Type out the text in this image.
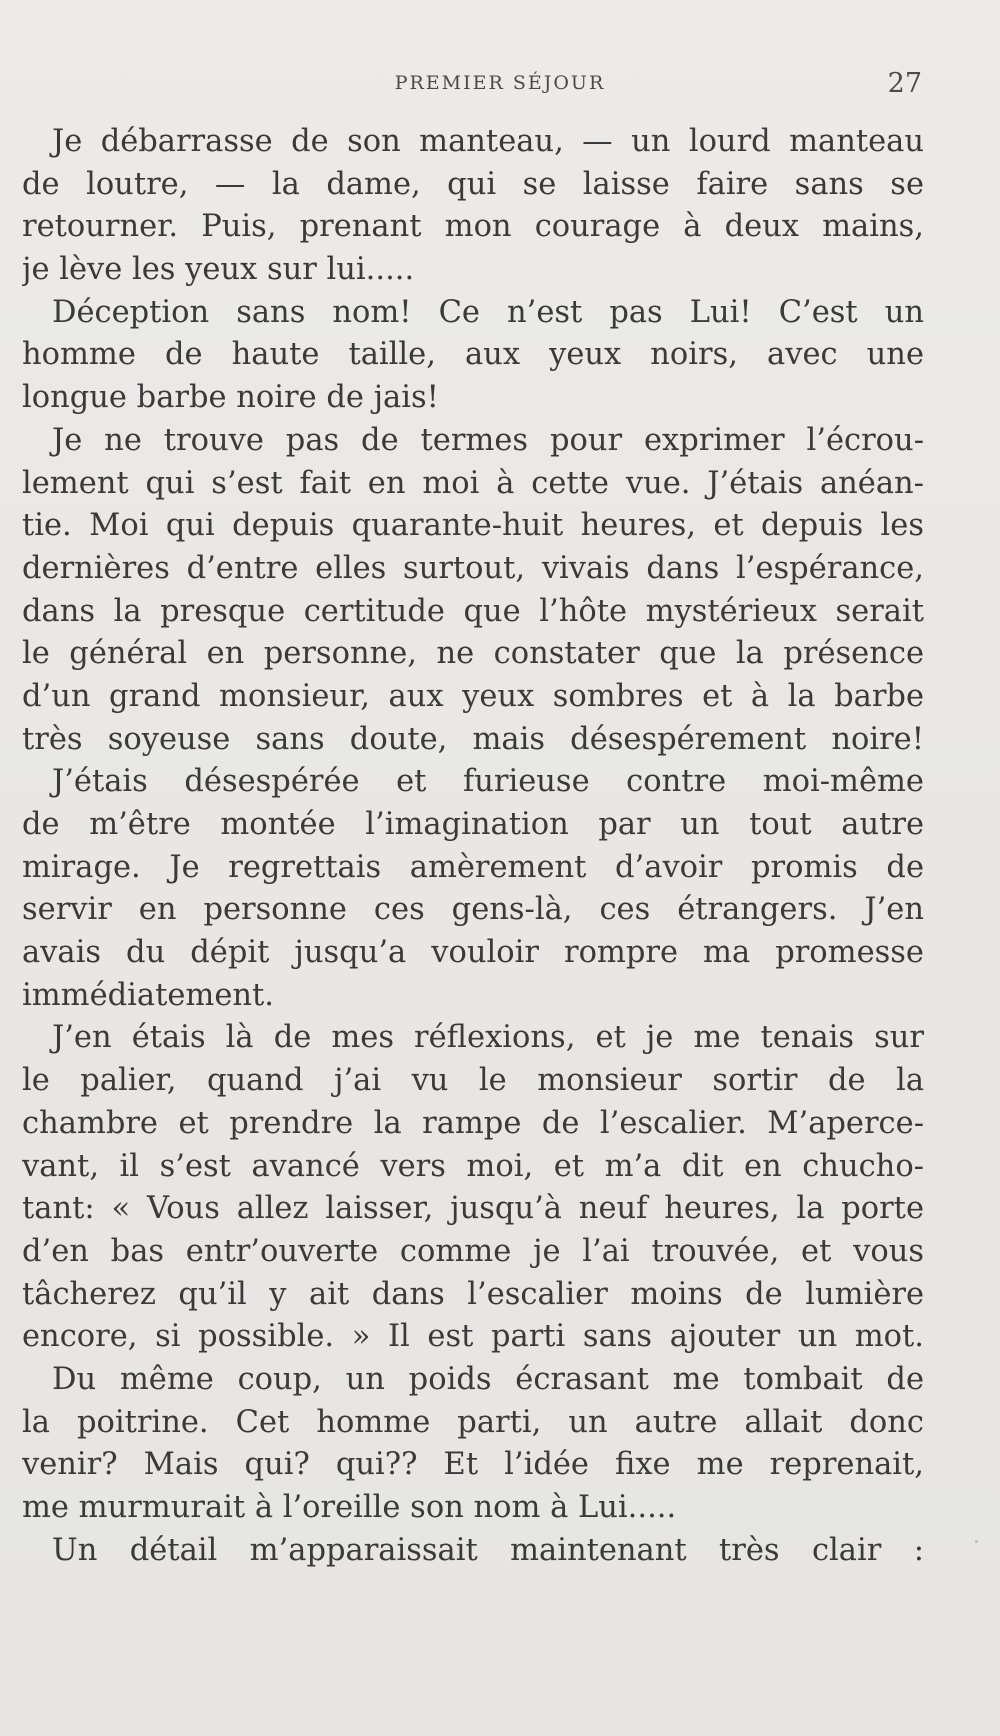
PREMIER SÉJOUR	27
Je débarrasse de son manteau, — un lourd manteau
de loutre, — la dame, qui se laisse faire sans se
retourner. Puis, prenant mon courage à deux mains,
je lève les yeux sur lui.....
Déception sans nom! Ce n’est pas Lui! C’est un
homme de haute taille, aux yeux noirs, avec une
longue barbe noire de jais!
Je ne trouve pas de termes pour exprimer l’écrou-
lement qui s’est fait en moi à cette vue. J’étais anéan-
tie. Moi qui depuis quarante-huit heures, et depuis les
dernières d’entre elles surtout, vivais dans l’espérance,
dans la presque certitude que l’hôte mystérieux serait
le général en personne, ne constater que la présence
d’un grand monsieur, aux yeux sombres et à la barbe
très soyeuse sans doute, mais désespérement noire!
J’étais désespérée et furieuse contre moi-même
de m’être montée l’imagination par un tout autre
mirage. Je regrettais amèrement d’avoir promis de
servir en personne ces gens-là, ces étrangers. J’en
avais du dépit jusqu’a vouloir rompre ma promesse
immédiatement.
J’en étais là de mes réflexions, et je me tenais sur
le palier, quand j’ai vu le monsieur sortir de la
chambre et prendre la rampe de l’escalier. M’aperce-
vant, il s’est avancé vers moi, et m’a dit en chucho-
tant: « Vous allez laisser, jusqu’à neuf heures, la porte
d’en bas entr’ouverte comme je l’ai trouvée, et vous
tâcherez qu’il y ait dans l’escalier moins de lumière
encore, si possible. » Il est parti sans ajouter un mot.
Du même coup, un poids écrasant me tombait de
la poitrine. Cet homme parti, un autre allait donc
venir? Mais qui? qui?? Et l’idée fixe me reprenait,
me murmurait à l’oreille son nom à Lui.....
Un détail m’apparaissait maintenant très clair :
